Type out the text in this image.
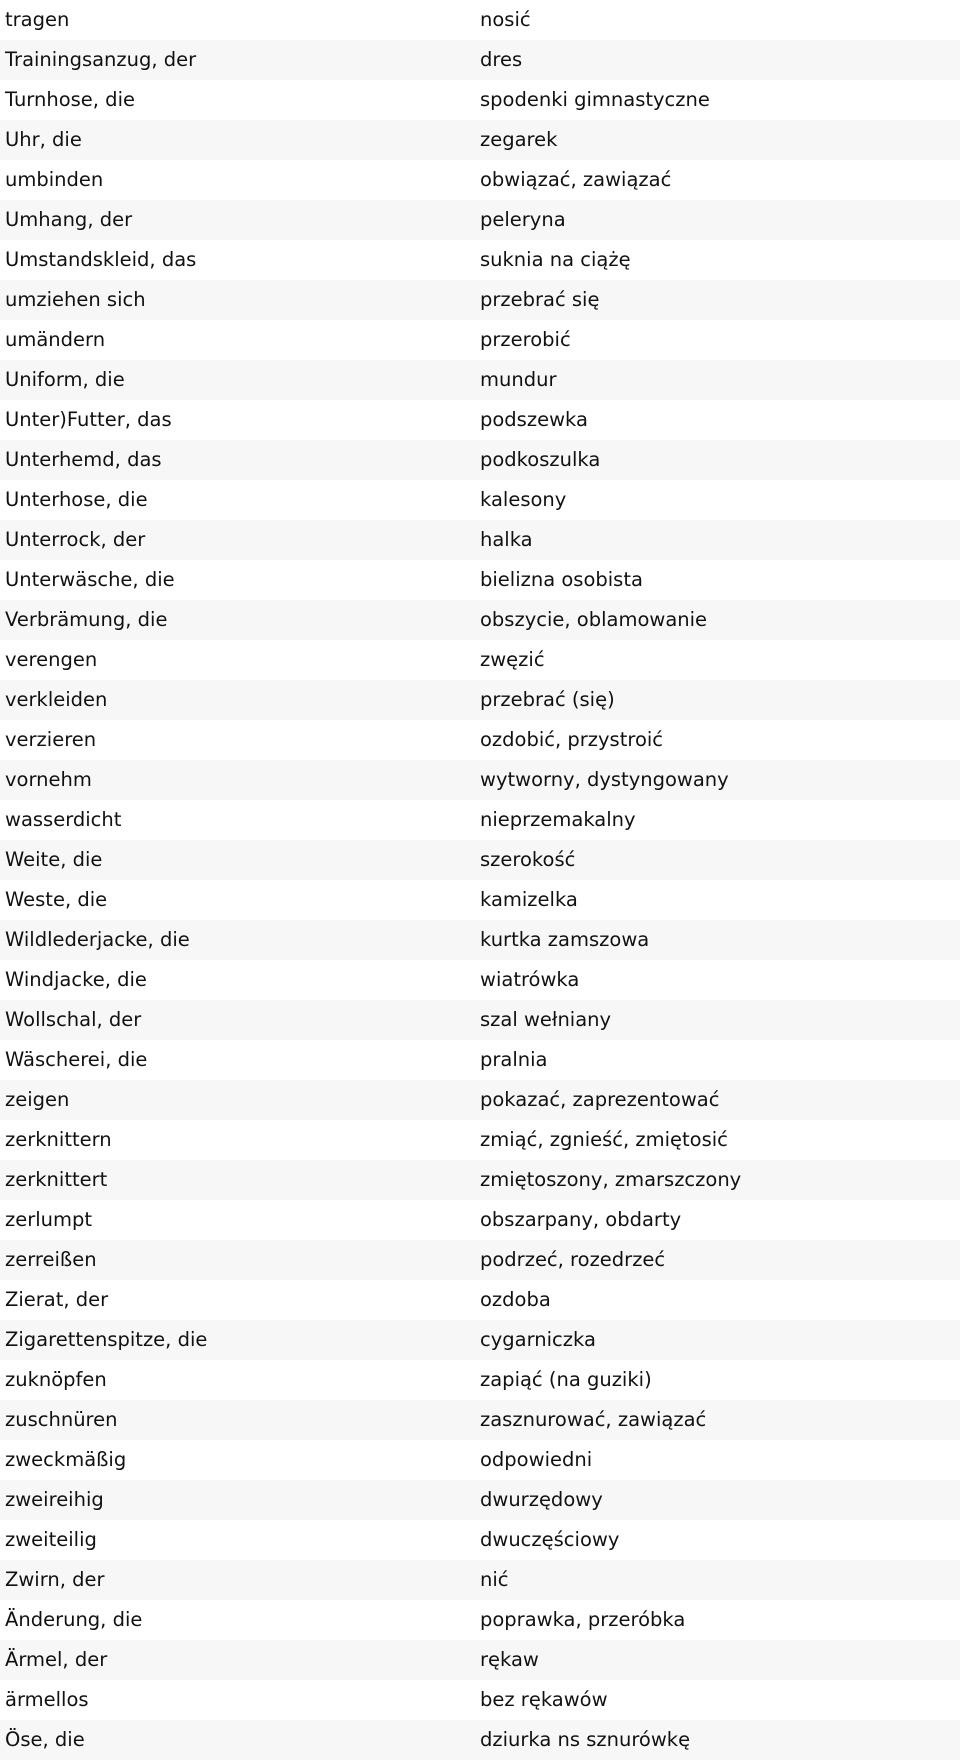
tragen	nosić
Trainingsanzug, der	dres
Turnhose, die	spodenki gimnastyczne
Uhr, die	zegarek
umbinden	obwiązać, zawiązać
Umhang, der	peleryna
Umstandskleid, das	suknia na ciążę
umziehen sich	przebrać się
umändern	przerobić
Uniform, die	mundur
Unter)Futter, das	podszewka
Unterhemd, das	podkoszulka
Unterhose, die	kalesony
Unterrock, der	halka
Unterwäsche, die	bielizna osobista
Verbrämung, die	obszycie, oblamowanie
verengen	zwęzić
verkleiden	przebrać (się)
verzieren	ozdobić, przystroić
vornehm	wytworny, dystyngowany
wasserdicht	nieprzemakalny
Weite, die	szerokość
Weste, die	kamizelka
Wildlederjacke, die	kurtka zamszowa
Windjacke, die	wiatrówka
Wollschal, der	szal wełniany
Wäscherei, die	pralnia
zeigen	pokazać, zaprezentować
zerknittern	zmiąć, zgnieść, zmiętosić
zerknittert	zmiętoszony, zmarszczony
zerlumpt	obszarpany, obdarty
zerreißen	podrzeć, rozedrzeć
Zierat, der	ozdoba
Zigarettenspitze, die	cygarniczka
zuknöpfen	zapiąć (na guziki)
zuschnüren	zasznurować, zawiązać
zweckmäßig	odpowiedni
zweireihig	dwurzędowy
zweiteilig	dwuczęściowy
Zwirn, der	nić
Änderung, die	poprawka, przeróbka
Ärmel, der	rękaw
ärmellos	bez rękawów
Öse, die	dziurka ns sznurówkę
